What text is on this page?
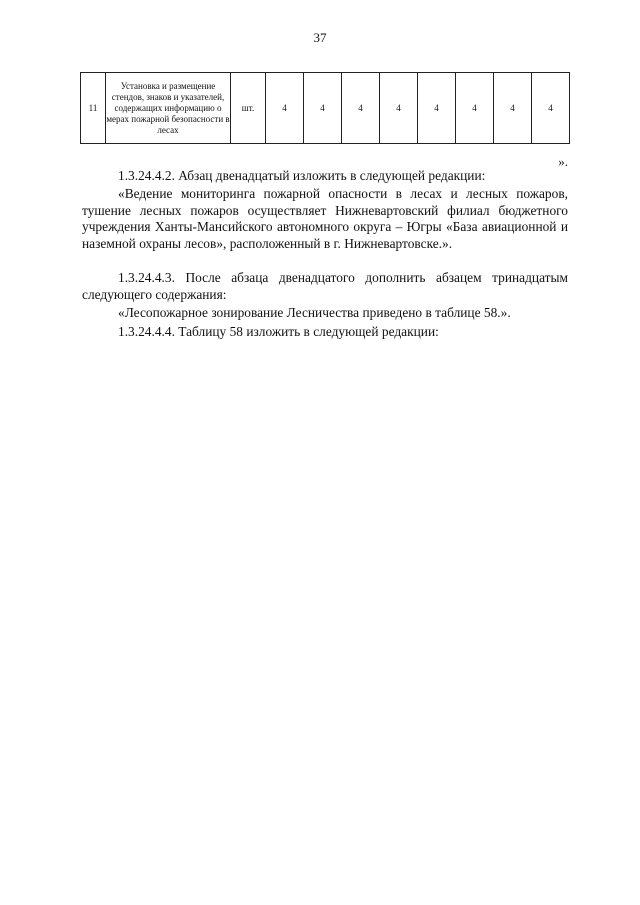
37
11	Установка и размещение стендов, знаков и указателей, содержащих информацию о мерах пожарной безопасности в лесах	шт.	4	4	4	4	4	4	4	4
».
1.3.24.4.2. Абзац двенадцатый изложить в следующей редакции:
«Ведение мониторинга пожарной опасности в лесах и лесных пожаров, тушение лесных пожаров осуществляет Нижневартовский филиал бюджетного учреждения Ханты-Мансийского автономного округа – Югры «База авиационной и наземной охраны лесов», расположенный в г. Нижневартовске.».
1.3.24.4.3. После абзаца двенадцатого дополнить абзацем тринадцатым следующего содержания:
«Лесопожарное зонирование Лесничества приведено в таблице 58.».
1.3.24.4.4. Таблицу 58 изложить в следующей редакции:
